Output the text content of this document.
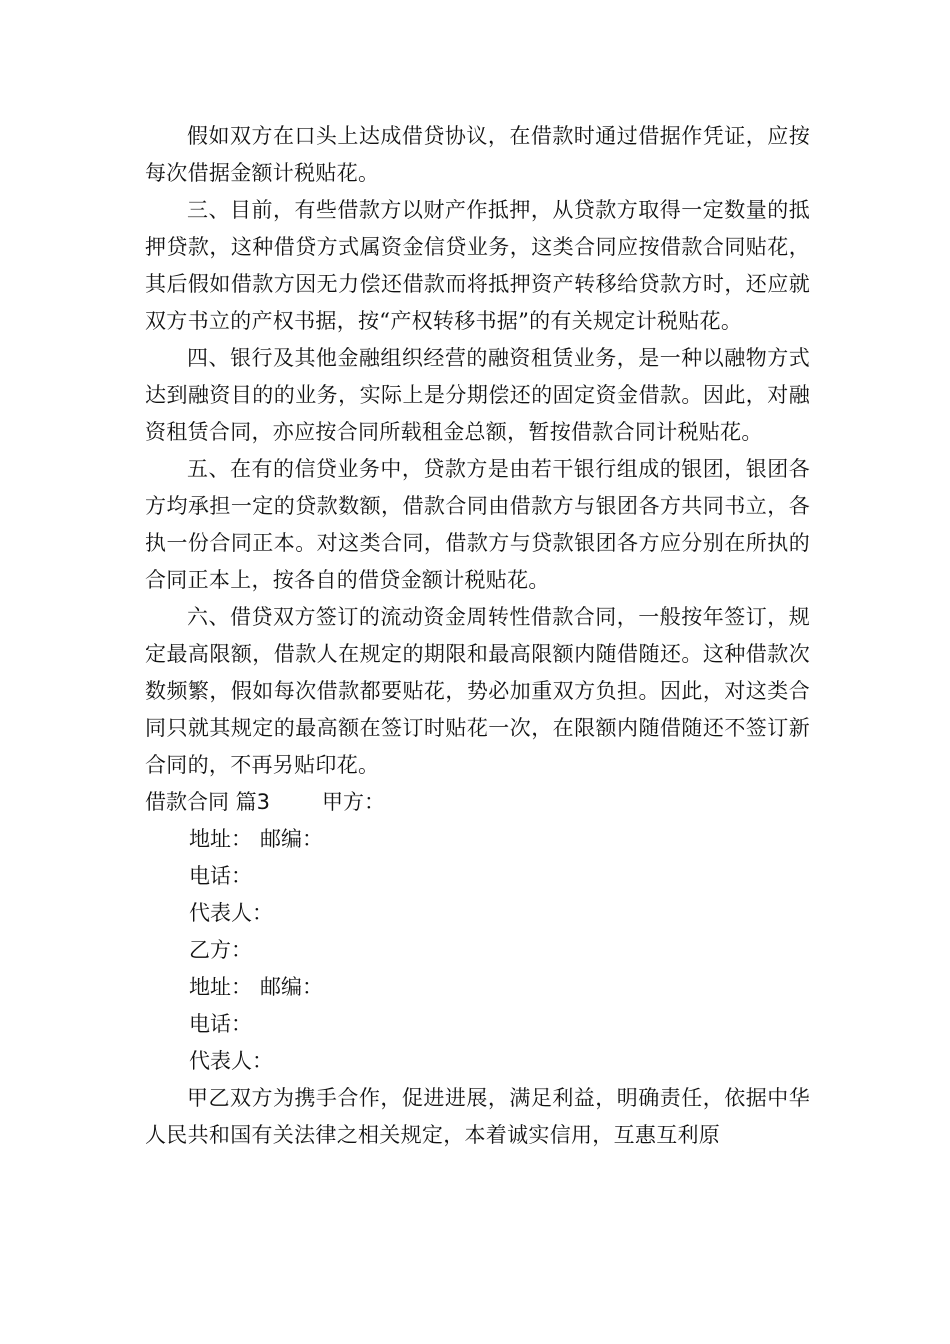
假如双方在口头上达成借贷协议，在借款时通过借据作凭证，应按每次借据金额计税贴花。

三、目前，有些借款方以财产作抵押，从贷款方取得一定数量的抵押贷款，这种借贷方式属资金信贷业务，这类合同应按借款合同贴花，其后假如借款方因无力偿还借款而将抵押资产转移给贷款方时，还应就双方书立的产权书据，按“产权转移书据”的有关规定计税贴花。

四、银行及其他金融组织经营的融资租赁业务，是一种以融物方式达到融资目的的业务，实际上是分期偿还的固定资金借款。因此，对融资租赁合同，亦应按合同所载租金总额，暂按借款合同计税贴花。

五、在有的信贷业务中，贷款方是由若干银行组成的银团，银团各方均承担一定的贷款数额，借款合同由借款方与银团各方共同书立，各执一份合同正本。对这类合同，借款方与贷款银团各方应分别在所执的合同正本上，按各自的借贷金额计税贴花。

六、借贷双方签订的流动资金周转性借款合同，一般按年签订，规定最高限额，借款人在规定的期限和最高限额内随借随还。这种借款次数频繁，假如每次借款都要贴花，势必加重双方负担。因此，对这类合同只就其规定的最高额在签订时贴花一次，在限额内随借随还不签订新合同的，不再另贴印花。

借款合同 篇3 甲方：

地址： 邮编：

电话：

代表人：

乙方：

地址： 邮编：

电话：

代表人：

甲乙双方为携手合作，促进进展，满足利益，明确责任，依据中华人民共和国有关法律之相关规定，本着诚实信用，互惠互利原
